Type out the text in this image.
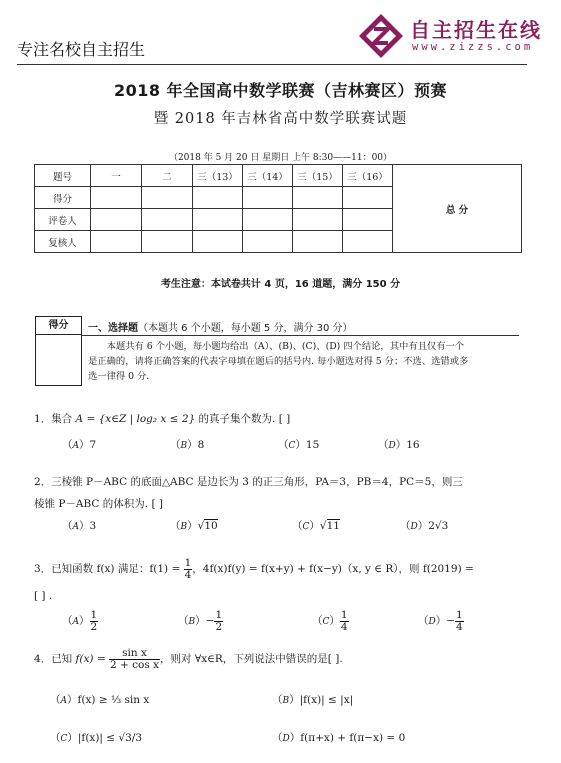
专注名校自主招生
自主招生在线
www.zizzs.com
2018 年全国高中数学联赛（吉林赛区）预赛
暨 2018 年吉林省高中数学联赛试题
（2018 年 5 月 20 日 星期日 上午 8:30——11：00）
题号	一	二	三（13）	三（14）	三（15）	三（16）	总 分
得分							
评卷人							
复核人							
考生注意：本试卷共计 4 页，16 道题，满分 150 分
得分	一、选择题（本题共 6 个小题，每小题 5 分，满分 30 分）
本题共有 6 个小题，每小题均给出（A）、(B)、(C)、(D) 四个结论，其中有且仅有一个
是正确的，请将正确答案的代表字母填在题后的括号内. 每小题选对得 5 分；不选、选错或多
选一律得 0 分.
1．集合 A = {x∈Z | log₂ x ≤ 2} 的真子集个数为. [ ]
（A）7	（B）8	（C）15	（D）16
2．三棱锥 P－ABC 的底面△ABC 是边长为 3 的正三角形，PA＝3，PB＝4，PC＝5，则三
棱锥 P－ABC 的体积为. [ ]
（A）3	（B）√10	（C）√11	（D）2√3
3．已知函数 f(x) 满足：$f(1) = \frac{1}{4}$ ，4f(x)f(y) = f(x+y) + f(x−y)（x, y ∈ R），则 f(2019) =
[ ] .
$(A) \frac{1}{2}$	$(B)- \frac{1}{2}$	$(C) \frac{1}{4}$	$(D)- \frac{1}{4}$
4．已知 $f(x) = \frac{\text{sin x}}{\text{2 + cos x}}$ ，则对 ∀x∈R，下列说法中错误的是[ ].
（A）f(x) ≥ ⅓ sin x	（B）|f(x)| ≤ |x|
（C）|f(x)| ≤ √3/3	（D）f(π+x) + f(π−x) = 0
